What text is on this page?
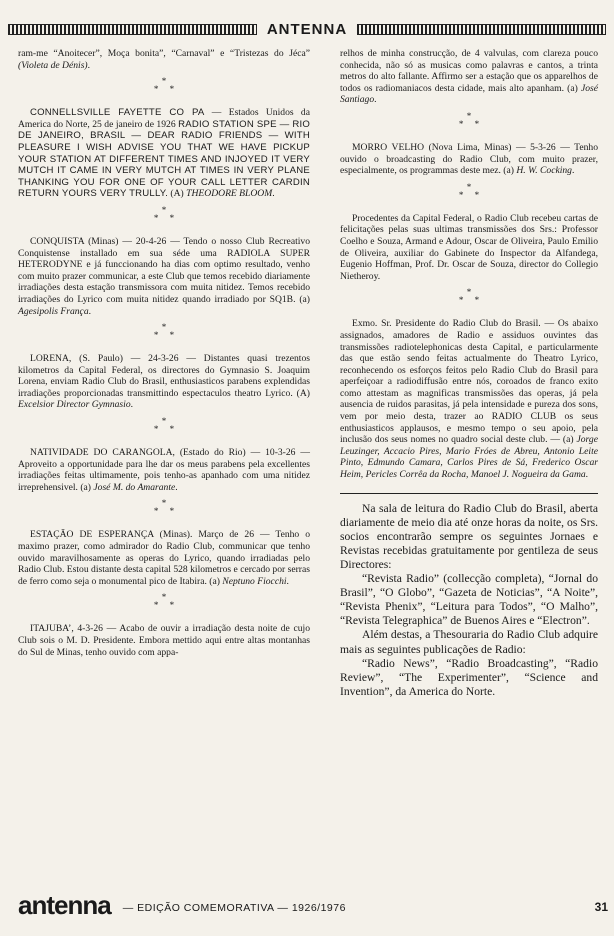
ANTENNA

ram-me “Anoitecer”, Moça bonita”, “Carnaval” e “Tristezas do Jéca” (Violeta de Dénis).

*
*     *

CONNELLSVILLE FAYETTE CO PA — Estados Unidos da America do Norte, 25 de janeiro de 1926 RADIO STATION SPE — RIO DE JANEIRO, BRASIL — DEAR RADIO FRIENDS — WITH PLEASURE I WISH ADVISE YOU THAT WE HAVE PICKUP YOUR STATION AT DIFFERENT TIMES AND INJOYED IT VERY MUTCH IT CAME IN VERY MUTCH AT TIMES IN VERY PLANE THANKING YOU FOR ONE OF YOUR CALL LETTER CARDIN RETURN YOURS VERY TRULLY. (A) THEODORE BLOOM.

*
*     *

CONQUISTA (Minas) — 20-4-26 — Tendo o nosso Club Recreativo Conquistense installado em sua séde uma RADIOLA SUPER HETERODYNE e já funccionando ha dias com optimo resultado, venho com muito prazer communicar, a este Club que temos recebido diariamente irradiações desta estação transmissora com muita nitidez. Temos recebido irradiações do Lyrico com muita nitidez quando irradiado por SQ1B. (a) Agesipolis França.

*
*     *

LORENA, (S. Paulo) — 24-3-26 — Distantes quasi trezentos kilometros da Capital Federal, os directores do Gymnasio S. Joaquim Lorena, enviam Radio Club do Brasil, enthusiasticos parabens explendidas irradiações proporcionadas transmittindo espectaculos theatro Lyrico. (A) Excelsior Director Gymnasio.

*
*     *

NATIVIDADE DO CARANGOLA, (Estado do Rio) — 10-3-26 — Aproveito a opportunidade para lhe dar os meus parabens pela excellentes irradiações feitas ultimamente, pois tenho-as apanhado com uma nitidez irreprehensivel. (a) José M. do Amarante.

*
*     *

ESTAÇÃO DE ESPERANÇA (Minas). Março de 26 — Tenho o maximo prazer, como admirador do Radio Club, communicar que tenho ouvido maravilhosamente as operas do Lyrico, quando irradiadas pelo Radio Club. Estou distante desta capital 528 kilometros e cercado por serras de ferro como seja o monumental pico de Itabira. (a) Neptuno Fiocchi.

*
*     *

ITAJUBA’, 4-3-26 — Acabo de ouvir a irradiação desta noite de cujo Club sois o M. D. Presidente. Embora mettido aqui entre altas montanhas do Sul de Minas, tenho ouvido com appa-

relhos de minha construcção, de 4 valvulas, com clareza pouco conhecida, não só as musicas como palavras e cantos, a trinta metros do alto fallante. Affirmo ser a estação que os apparelhos de todos os radiomaniacos desta cidade, mais alto apanham. (a) José Santiago.

*
*     *

MORRO VELHO (Nova Lima, Minas) — 5-3-26 — Tenho ouvido o broadcasting do Radio Club, com muito prazer, especialmente, os programmas deste mez. (a) H. W. Cocking.

*
*     *

Procedentes da Capital Federal, o Radio Club recebeu cartas de felicitações pelas suas ultimas transmissões dos Srs.: Professor Coelho e Souza, Armand e Adour, Oscar de Oliveira, Paulo Emilio de Oliveira, auxiliar do Gabinete do Inspector da Alfandega, Eugenio Hoffman, Prof. Dr. Oscar de Souza, director do Collegio Nietheroy.

*
*     *

Exmo. Sr. Presidente do Radio Club do Brasil. — Os abaixo assignados, amadores de Radio e assiduos ouvintes das transmissões radiotelephonicas desta Capital, e particularmente das que estão sendo feitas actualmente do Theatro Lyrico, reconhecendo os esforços feitos pelo Radio Club do Brasil para aperfeiçoar a radiodiffusão entre nós, coroados de franco exito como attestam as magnificas transmissões das operas, já pela ausencia de ruidos parasitas, já pela intensidade e pureza dos sons, vem por meio desta, trazer ao RADIO CLUB os seus enthusiasticos applausos, e mesmo tempo o seu apoio, pela inclusão dos seus nomes no quadro social deste club. — (a) Jorge Leuzinger, Accacio Pires, Mario Fróes de Abreu, Antonio Leite Pinto, Edmundo Camara, Carlos Pires de Sá, Frederico Oscar Heim, Pericles Corrêa da Rocha, Manoel J. Nogueira da Gama.

Na sala de leitura do Radio Club do Brasil, aberta diariamente de meio dia até onze horas da noite, os Srs. socios encontrarão sempre os seguintes Jornaes e Revistas recebidas gratuitamente por gentileza de seus Directores:

“Revista Radio” (collecção completa), “Jornal do Brasil”, “O Globo”, “Gazeta de Noticias”, “A Noite”, “Revista Phenix”, “Leitura para Todos”, “O Malho”, “Revista Telegraphica” de Buenos Aires e “Electron”.

Além destas, a Thesouraria do Radio Club adquire mais as seguintes publicações de Radio:

“Radio News”, “Radio Broadcasting”, “Radio Review”, “The Experimenter”, “Science and Invention”, da America do Norte.

antenna — EDIÇÃO COMEMORATIVA — 1926/1976	31
